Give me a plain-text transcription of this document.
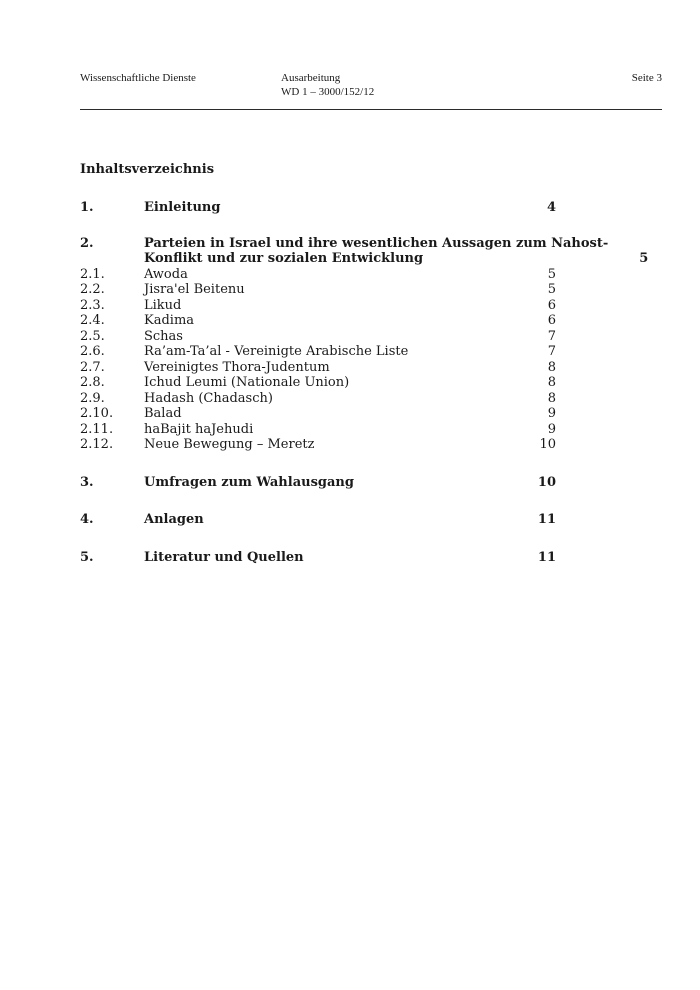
Wissenschaftliche Dienste	Ausarbeitung
WD 1 – 3000/152/12
Seite 3
Inhaltsverzeichnis
1.	Einleitung	4
2.	Parteien in Israel und ihre wesentlichen Aussagen zum Nahost-
Konflikt und zur sozialen Entwicklung	5
2.1.	Awoda	5
2.2.	Jisra'el Beitenu	5
2.3.	Likud	6
2.4.	Kadima	6
2.5.	Schas	7
2.6.	Ra’am-Ta’al - Vereinigte Arabische Liste	7
2.7.	Vereinigtes Thora-Judentum	8
2.8.	Ichud Leumi (Nationale Union)	8
2.9.	Hadash (Chadasch)	8
2.10.	Balad	9
2.11.	haBajit haJehudi	9
2.12.	Neue Bewegung – Meretz	10
3.	Umfragen zum Wahlausgang	10
4.	Anlagen	11
5.	Literatur und Quellen	11
